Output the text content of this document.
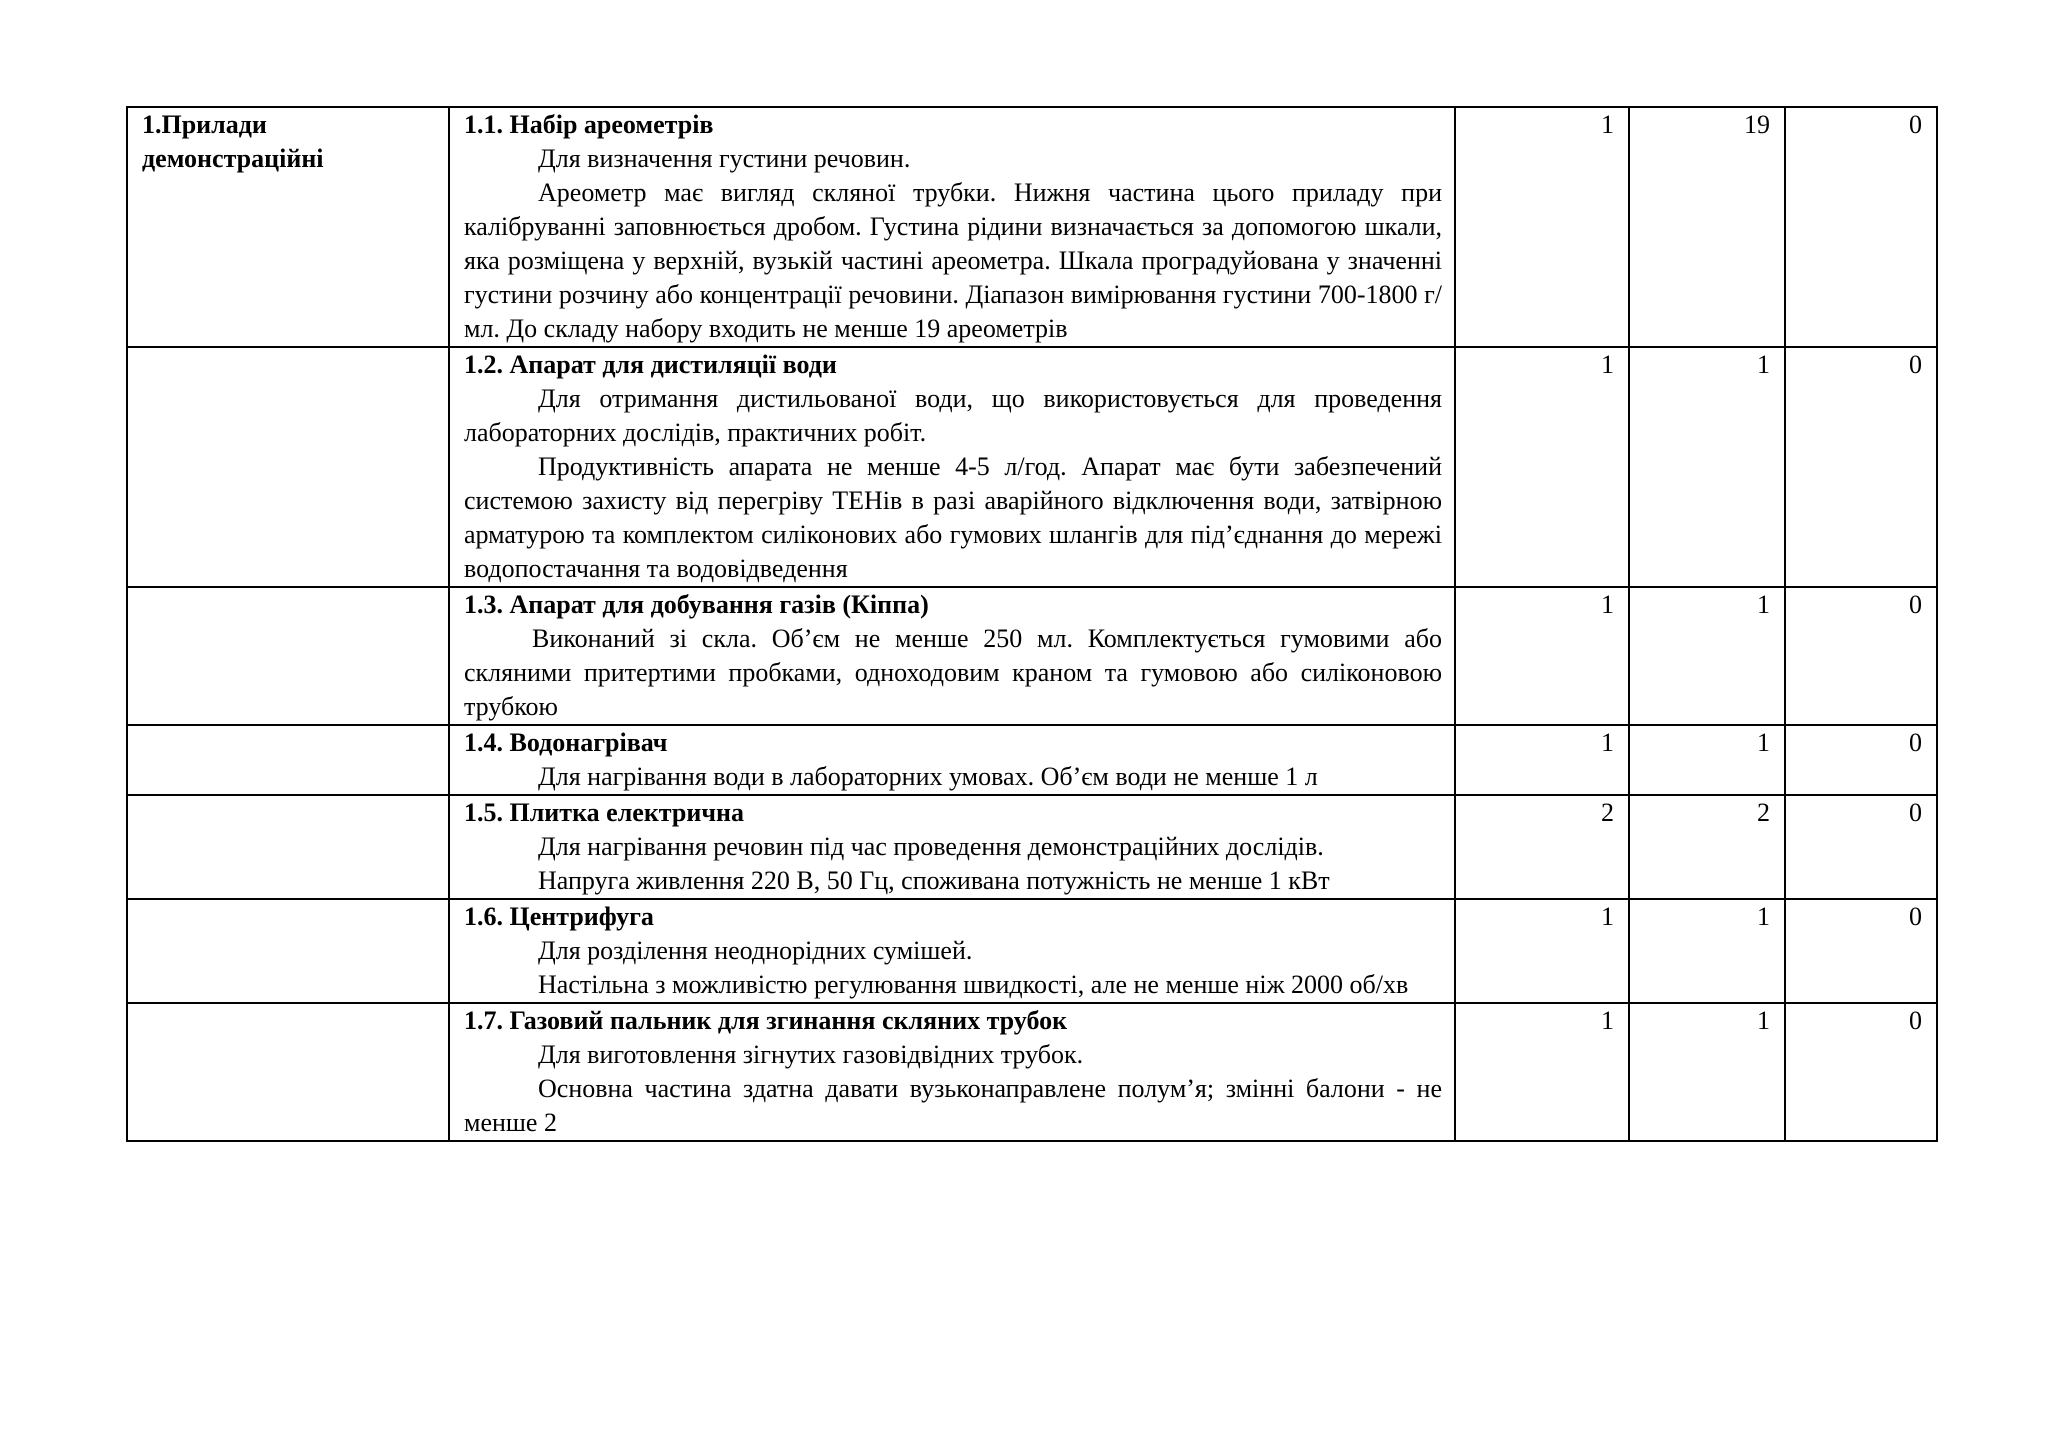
1.Прилади демонстраційні	1.1. Набір ареометрів
Для визначення густини речовин.
Ареометр має вигляд скляної трубки. Нижня частина цього приладу при калібруванні заповнюється дробом. Густина рідини визначається за допомогою шкали, яка розміщена у верхній, вузькій частині ареометра. Шкала проградуйована у значенні густини розчину або концентрації речовини. Діапазон вимірювання густини 700-1800 г/мл. До складу набору входить не менше 19 ареометрів	1	19	0

	1.2. Апарат для дистиляції води
Для отримання дистильованої води, що використовується для проведення лабораторних дослідів, практичних робіт.
Продуктивність апарата не менше 4-5 л/год. Апарат має бути забезпечений системою захисту від перегріву ТЕНів в разі аварійного відключення води, затвірною арматурою та комплектом силіконових або гумових шлангів для під’єднання до мережі водопостачання та водовідведення	1	1	0

	1.3. Апарат для добування газів (Кіппа)
Виконаний зі скла. Об’єм не менше 250 мл. Комплектується гумовими або скляними притертими пробками, одноходовим краном та гумовою або силіконовою трубкою	1	1	0

	1.4. Водонагрівач
Для нагрівання води в лабораторних умовах. Об’єм води не менше 1 л	1	1	0

	1.5. Плитка електрична
Для нагрівання речовин під час проведення демонстраційних дослідів.
Напруга живлення 220 В, 50 Гц, споживана потужність не менше 1 кВт	2	2	0

	1.6. Центрифуга
Для розділення неоднорідних сумішей.
Настільна з можливістю регулювання швидкості, але не менше ніж 2000 об/хв	1	1	0

	1.7. Газовий пальник для згинання скляних трубок
Для виготовлення зігнутих газовідвідних трубок.
Основна частина здатна давати вузьконаправлене полум’я; змінні балони - не менше 2	1	1	0
